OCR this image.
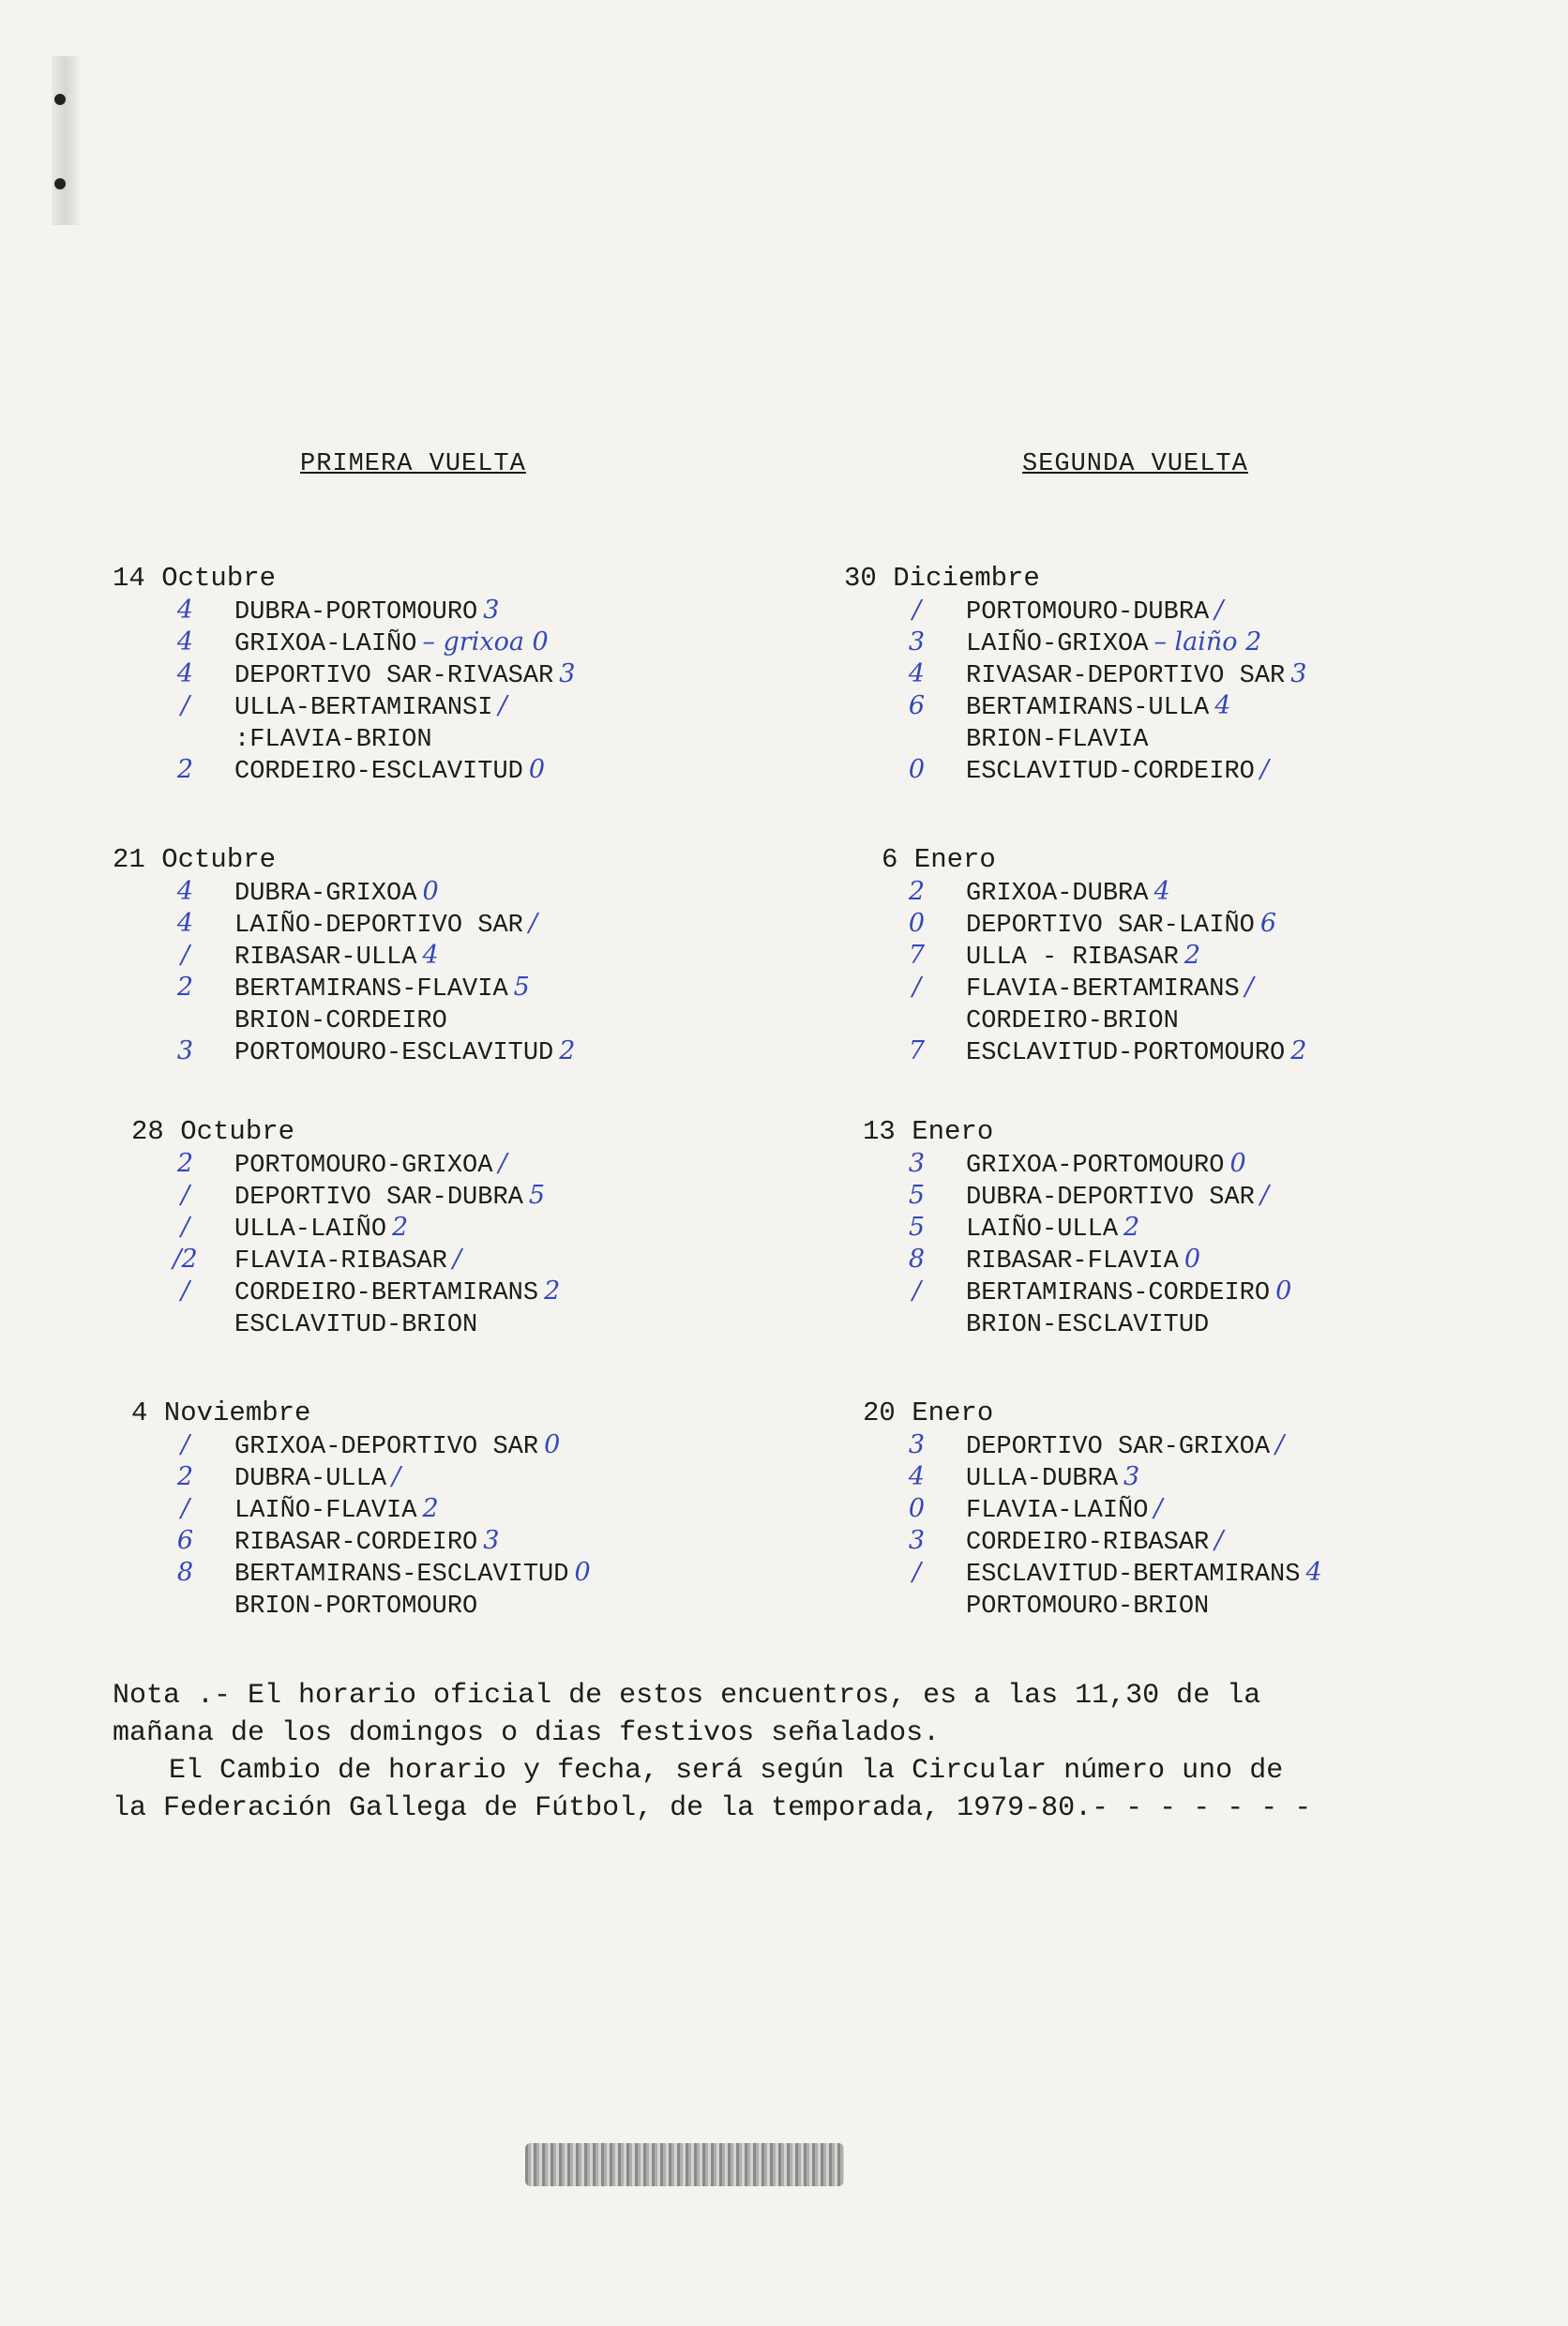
PRIMERA VUELTA
14 Octubre
4	DUBRA-PORTOMOURO 3
4	GRIXOA-LAIÑO – grixoa 0
4	DEPORTIVO SAR-RIVASAR 3
/	ULLA-BERTAMIRANSI /
:FLAVIA-BRION
2	CORDEIRO-ESCLAVITUD 0
21 Octubre
4	DUBRA-GRIXOA 0
4	LAIÑO-DEPORTIVO SAR /
/	RIBASAR-ULLA 4
2	BERTAMIRANS-FLAVIA 5
BRION-CORDEIRO
3	PORTOMOURO-ESCLAVITUD 2
28 Octubre
2	PORTOMOURO-GRIXOA /
/	DEPORTIVO SAR-DUBRA 5
/	ULLA-LAIÑO 2
/2	FLAVIA-RIBASAR /
/	CORDEIRO-BERTAMIRANS 2
ESCLAVITUD-BRION
4 Noviembre
/	GRIXOA-DEPORTIVO SAR 0
2	DUBRA-ULLA /
/	LAIÑO-FLAVIA 2
6	RIBASAR-CORDEIRO 3
8	BERTAMIRANS-ESCLAVITUD 0
BRION-PORTOMOURO
SEGUNDA VUELTA
30 Diciembre
/	PORTOMOURO-DUBRA /
3	LAIÑO-GRIXOA – laiño 2
4	RIVASAR-DEPORTIVO SAR 3
6	BERTAMIRANS-ULLA 4
BRION-FLAVIA
0	ESCLAVITUD-CORDEIRO /
6 Enero
2	GRIXOA-DUBRA 4
0	DEPORTIVO SAR-LAIÑO 6
7	ULLA - RIBASAR 2
/	FLAVIA-BERTAMIRANS /
CORDEIRO-BRION
7	ESCLAVITUD-PORTOMOURO 2
13 Enero
3	GRIXOA-PORTOMOURO 0
5	DUBRA-DEPORTIVO SAR /
5	LAIÑO-ULLA 2
8	RIBASAR-FLAVIA 0
/	BERTAMIRANS-CORDEIRO 0
BRION-ESCLAVITUD
20 Enero
3	DEPORTIVO SAR-GRIXOA /
4	ULLA-DUBRA 3
0	FLAVIA-LAIÑO /
3	CORDEIRO-RIBASAR /
/	ESCLAVITUD-BERTAMIRANS 4
PORTOMOURO-BRION
Nota .- El horario oficial de estos encuentros, es a las 11,30 de la
mañana de los domingos o dias festivos señalados.
El Cambio de horario y fecha, será según la Circular número uno de
la Federación Gallega de Fútbol, de la temporada, 1979-80.- - - - - - -
